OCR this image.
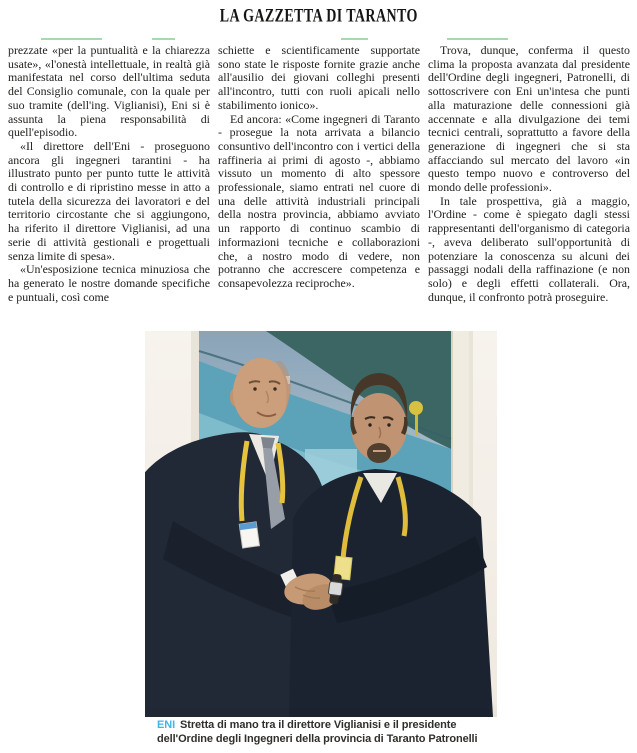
LA GAZZETTA DI TARANTO

prezzate «per la puntualità e la chiarezza usate», «l'onestà intellettuale, in realtà già manifestata nel corso dell'ultima seduta del Consiglio comunale, con la quale per suo tramite (dell'ing. Viglianisi), Eni si è assunta la piena responsabilità di quell'episodio.

«Il direttore dell'Eni - proseguono ancora gli ingegneri tarantini - ha illustrato punto per punto tutte le attività di controllo e di ripristino messe in atto a tutela della sicurezza dei lavoratori e del territorio circostante che si aggiungono, ha riferito il direttore Viglianisi, ad una serie di attività gestionali e progettuali senza limite di spesa».

«Un'esposizione tecnica minuziosa che ha generato le nostre domande specifiche e puntuali, così come

schiette e scientificamente supportate sono state le risposte fornite grazie anche all'ausilio dei giovani colleghi presenti all'incontro, tutti con ruoli apicali nello stabilimento ionico».

Ed ancora: «Come ingegneri di Taranto - prosegue la nota arrivata a bilancio consuntivo dell'incontro con i vertici della raffineria ai primi di agosto -, abbiamo vissuto un momento di alto spessore professionale, siamo entrati nel cuore di una delle attività industriali principali della nostra provincia, abbiamo avviato un rapporto di continuo scambio di informazioni tecniche e collaborazioni che, a nostro modo di vedere, non potranno che accrescere competenza e consapevolezza reciproche».

Trova, dunque, conferma il questo clima la proposta avanzata dal presidente dell'Ordine degli ingegneri, Patronelli, di sottoscrivere con Eni un'intesa che punti alla maturazione delle connessioni già accennate e alla divulgazione dei temi tecnici centrali, soprattutto a favore della generazione di ingegneri che si sta affacciando sul mercato del lavoro «in questo tempo nuovo e controverso del mondo delle professioni».

In tale prospettiva, già a maggio, l'Ordine - come è spiegato dagli stessi rappresentanti dell'organismo di categoria -, aveva deliberato sull'opportunità di potenziare la conoscenza su alcuni dei passaggi nodali della raffinazione (e non solo) e degli effetti collaterali. Ora, dunque, il confronto potrà proseguire.

ENI Stretta di mano tra il direttore Viglianisi e il presidente dell'Ordine degli Ingegneri della provincia di Taranto Patronelli
